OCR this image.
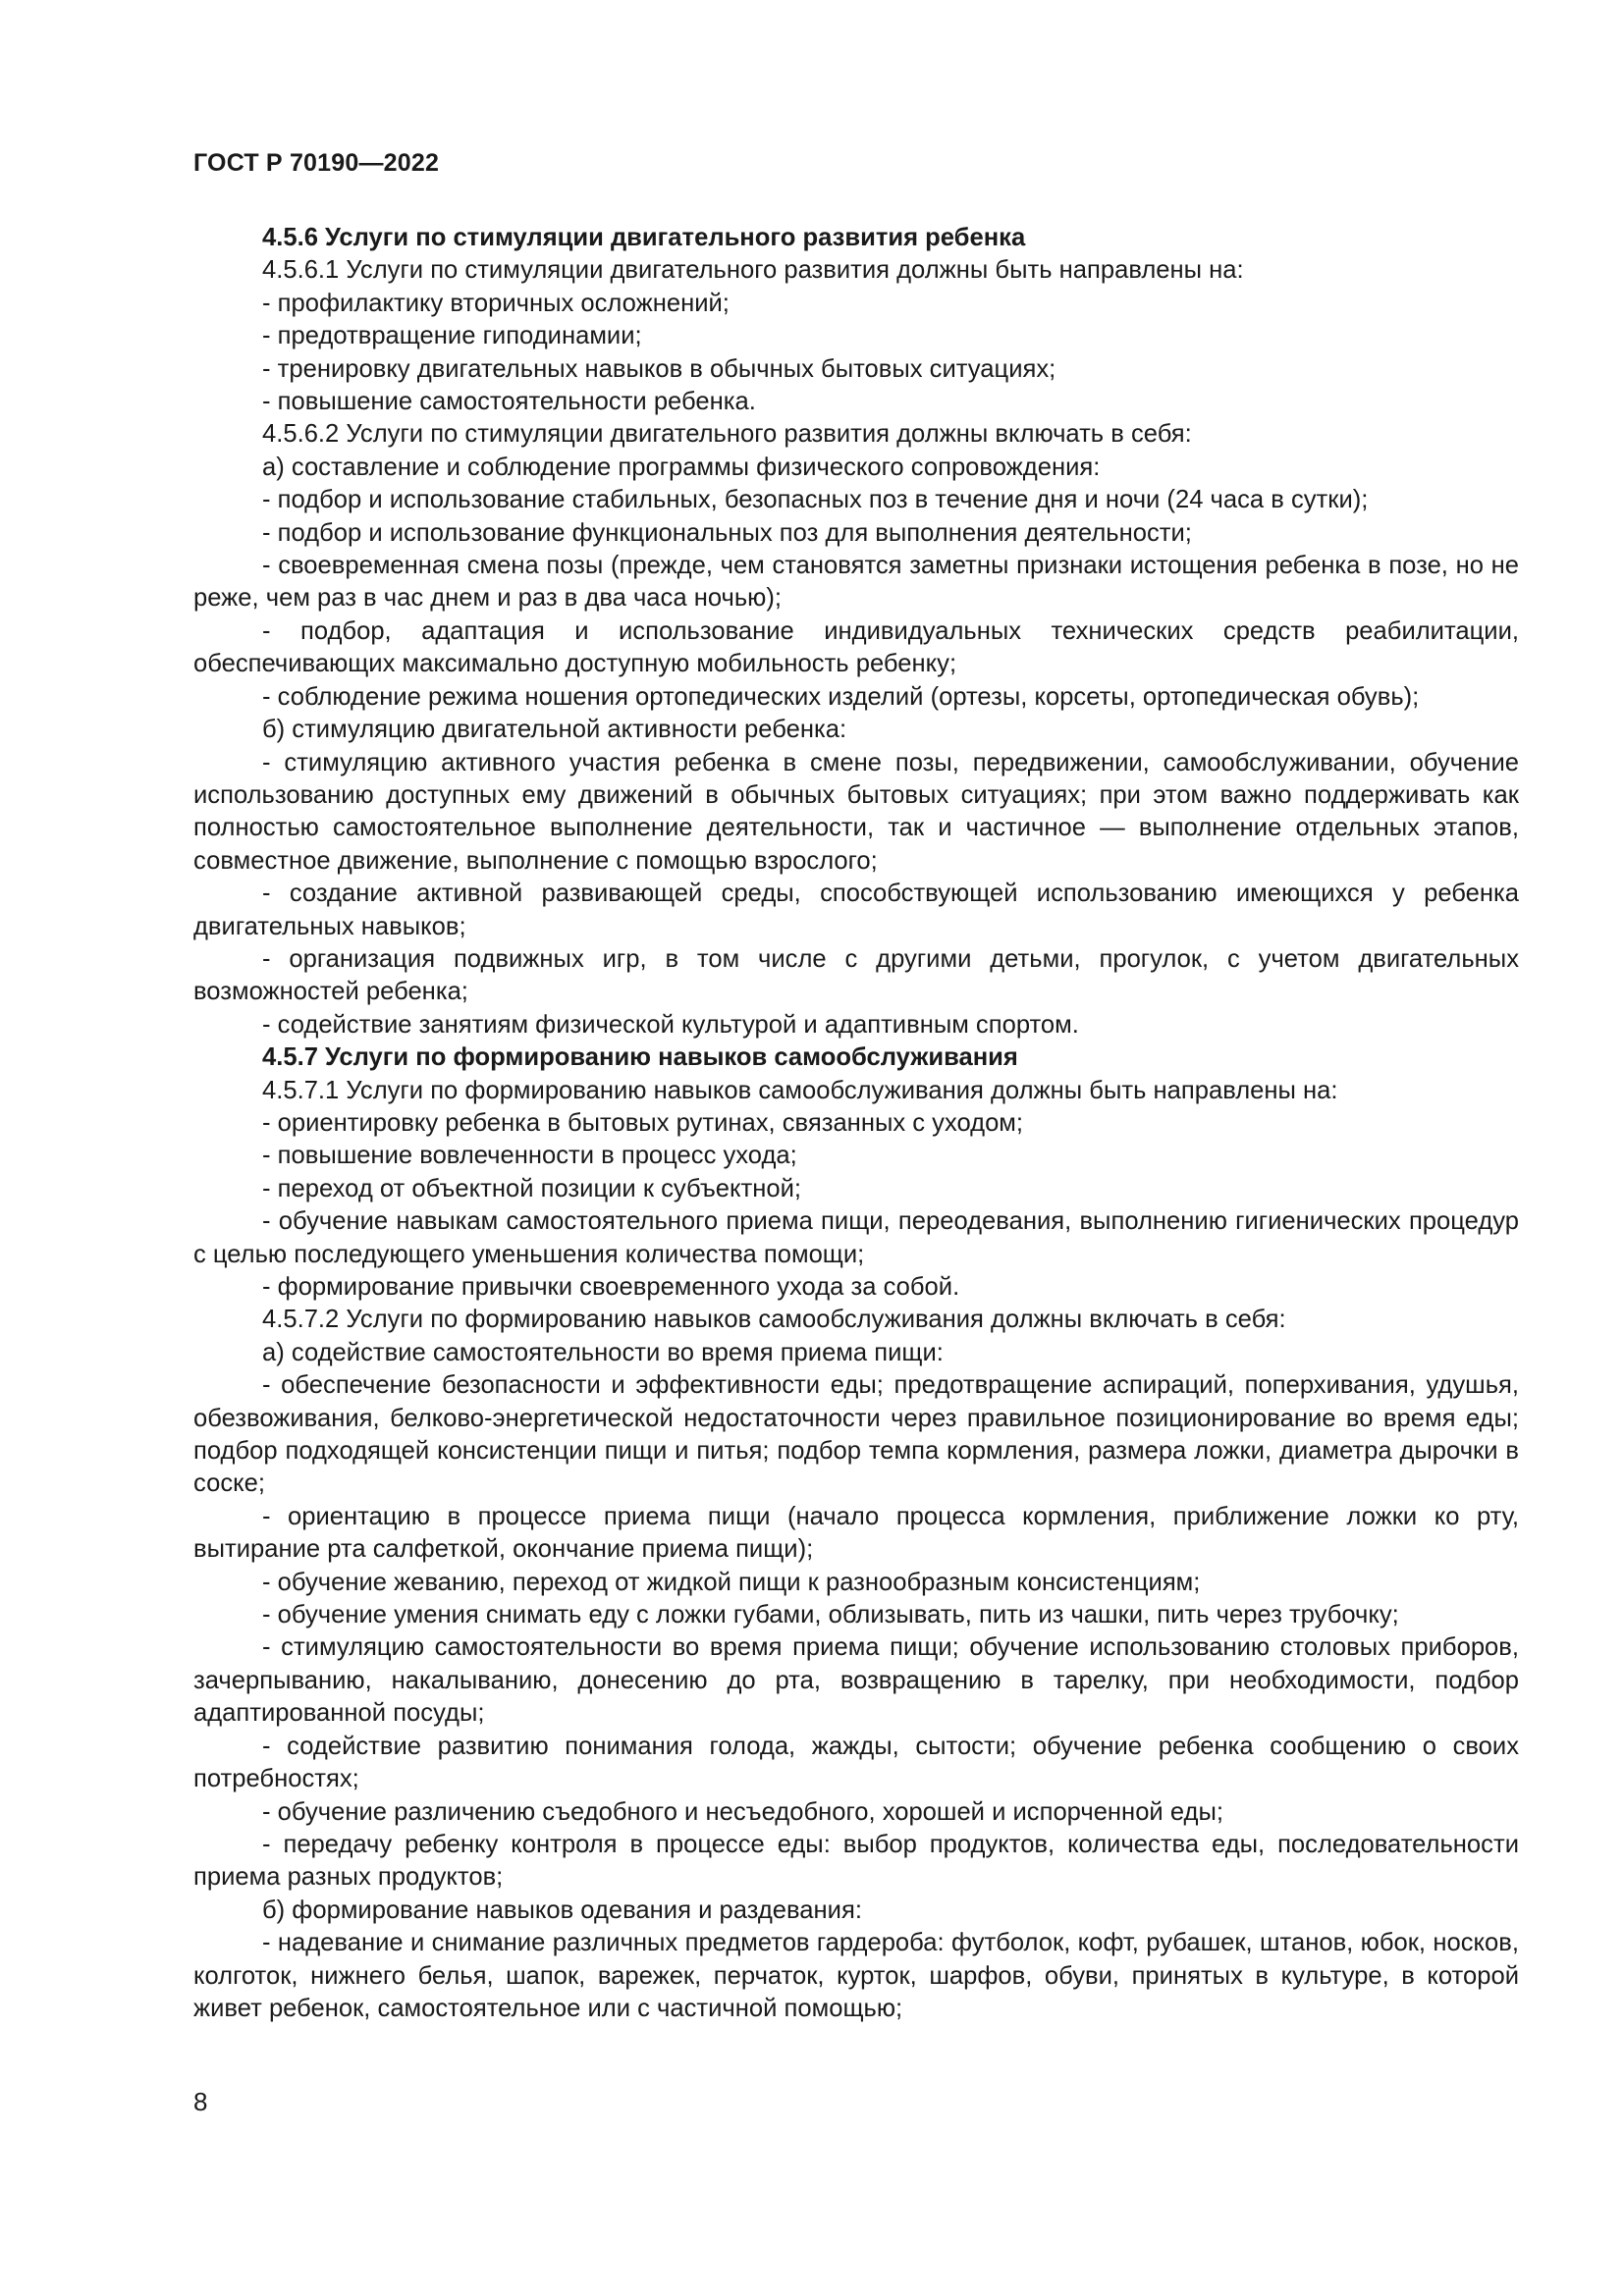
ГОСТ Р 70190—2022

4.5.6 Услуги по стимуляции двигательного развития ребенка

4.5.6.1 Услуги по стимуляции двигательного развития должны быть направлены на:

- профилактику вторичных осложнений;

- предотвращение гиподинамии;

- тренировку двигательных навыков в обычных бытовых ситуациях;

- повышение самостоятельности ребенка.

4.5.6.2 Услуги по стимуляции двигательного развития должны включать в себя:

а) составление и соблюдение программы физического сопровождения:

- подбор и использование стабильных, безопасных поз в течение дня и ночи (24 часа в сутки);

- подбор и использование функциональных поз для выполнения деятельности;

- своевременная смена позы (прежде, чем становятся заметны признаки истощения ребенка в позе, но не реже, чем раз в час днем и раз в два часа ночью);

- подбор, адаптация и использование индивидуальных технических средств реабилитации, обеспечивающих максимально доступную мобильность ребенку;

- соблюдение режима ношения ортопедических изделий (ортезы, корсеты, ортопедическая обувь);

б) стимуляцию двигательной активности ребенка:

- стимуляцию активного участия ребенка в смене позы, передвижении, самообслуживании, обучение использованию доступных ему движений в обычных бытовых ситуациях; при этом важно поддерживать как полностью самостоятельное выполнение деятельности, так и частичное — выполнение отдельных этапов, совместное движение, выполнение с помощью взрослого;

- создание активной развивающей среды, способствующей использованию имеющихся у ребенка двигательных навыков;

- организация подвижных игр, в том числе с другими детьми, прогулок, с учетом двигательных возможностей ребенка;

- содействие занятиям физической культурой и адаптивным спортом.

4.5.7 Услуги по формированию навыков самообслуживания

4.5.7.1 Услуги по формированию навыков самообслуживания должны быть направлены на:

- ориентировку ребенка в бытовых рутинах, связанных с уходом;

- повышение вовлеченности в процесс ухода;

- переход от объектной позиции к субъектной;

- обучение навыкам самостоятельного приема пищи, переодевания, выполнению гигиенических процедур с целью последующего уменьшения количества помощи;

- формирование привычки своевременного ухода за собой.

4.5.7.2 Услуги по формированию навыков самообслуживания должны включать в себя:

а) содействие самостоятельности во время приема пищи:

- обеспечение безопасности и эффективности еды; предотвращение аспираций, поперхивания, удушья, обезвоживания, белково-энергетической недостаточности через правильное позиционирование во время еды; подбор подходящей консистенции пищи и питья; подбор темпа кормления, размера ложки, диаметра дырочки в соске;

- ориентацию в процессе приема пищи (начало процесса кормления, приближение ложки ко рту, вытирание рта салфеткой, окончание приема пищи);

- обучение жеванию, переход от жидкой пищи к разнообразным консистенциям;

- обучение умения снимать еду с ложки губами, облизывать, пить из чашки, пить через трубочку;

- стимуляцию самостоятельности во время приема пищи; обучение использованию столовых приборов, зачерпыванию, накалыванию, донесению до рта, возвращению в тарелку, при необходимости, подбор адаптированной посуды;

- содействие развитию понимания голода, жажды, сытости; обучение ребенка сообщению о своих потребностях;

- обучение различению съедобного и несъедобного, хорошей и испорченной еды;

- передачу ребенку контроля в процессе еды: выбор продуктов, количества еды, последовательности приема разных продуктов;

б) формирование навыков одевания и раздевания:

- надевание и снимание различных предметов гардероба: футболок, кофт, рубашек, штанов, юбок, носков, колготок, нижнего белья, шапок, варежек, перчаток, курток, шарфов, обуви, принятых в культуре, в которой живет ребенок, самостоятельное или с частичной помощью;

8
